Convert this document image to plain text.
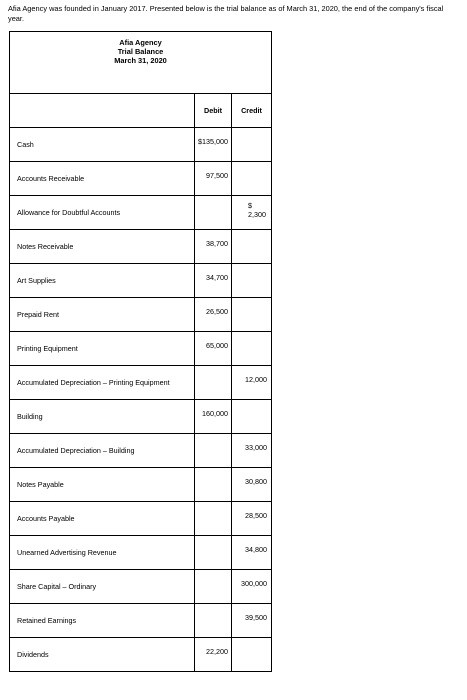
Afia Agency was founded in January 2017. Presented below is the trial balance as of March 31, 2020, the end of the company's fiscal year.

Afia Agency
Trial Balance
March 31, 2020		

	Debit	Credit
Cash	$135,000	
Accounts Receivable	97,500	
Allowance for Doubtful Accounts		$ 2,300
Notes Receivable	38,700	
Art Supplies	34,700	
Prepaid Rent	26,500	
Printing Equipment	65,000	
Accumulated Depreciation – Printing Equipment		12,000
Building	160,000	
Accumulated Depreciation – Building		33,000
Notes Payable		30,800
Accounts Payable		28,500
Unearned Advertising Revenue		34,800
Share Capital – Ordinary		300,000
Retained Earnings		39,500
Dividends	22,200	
